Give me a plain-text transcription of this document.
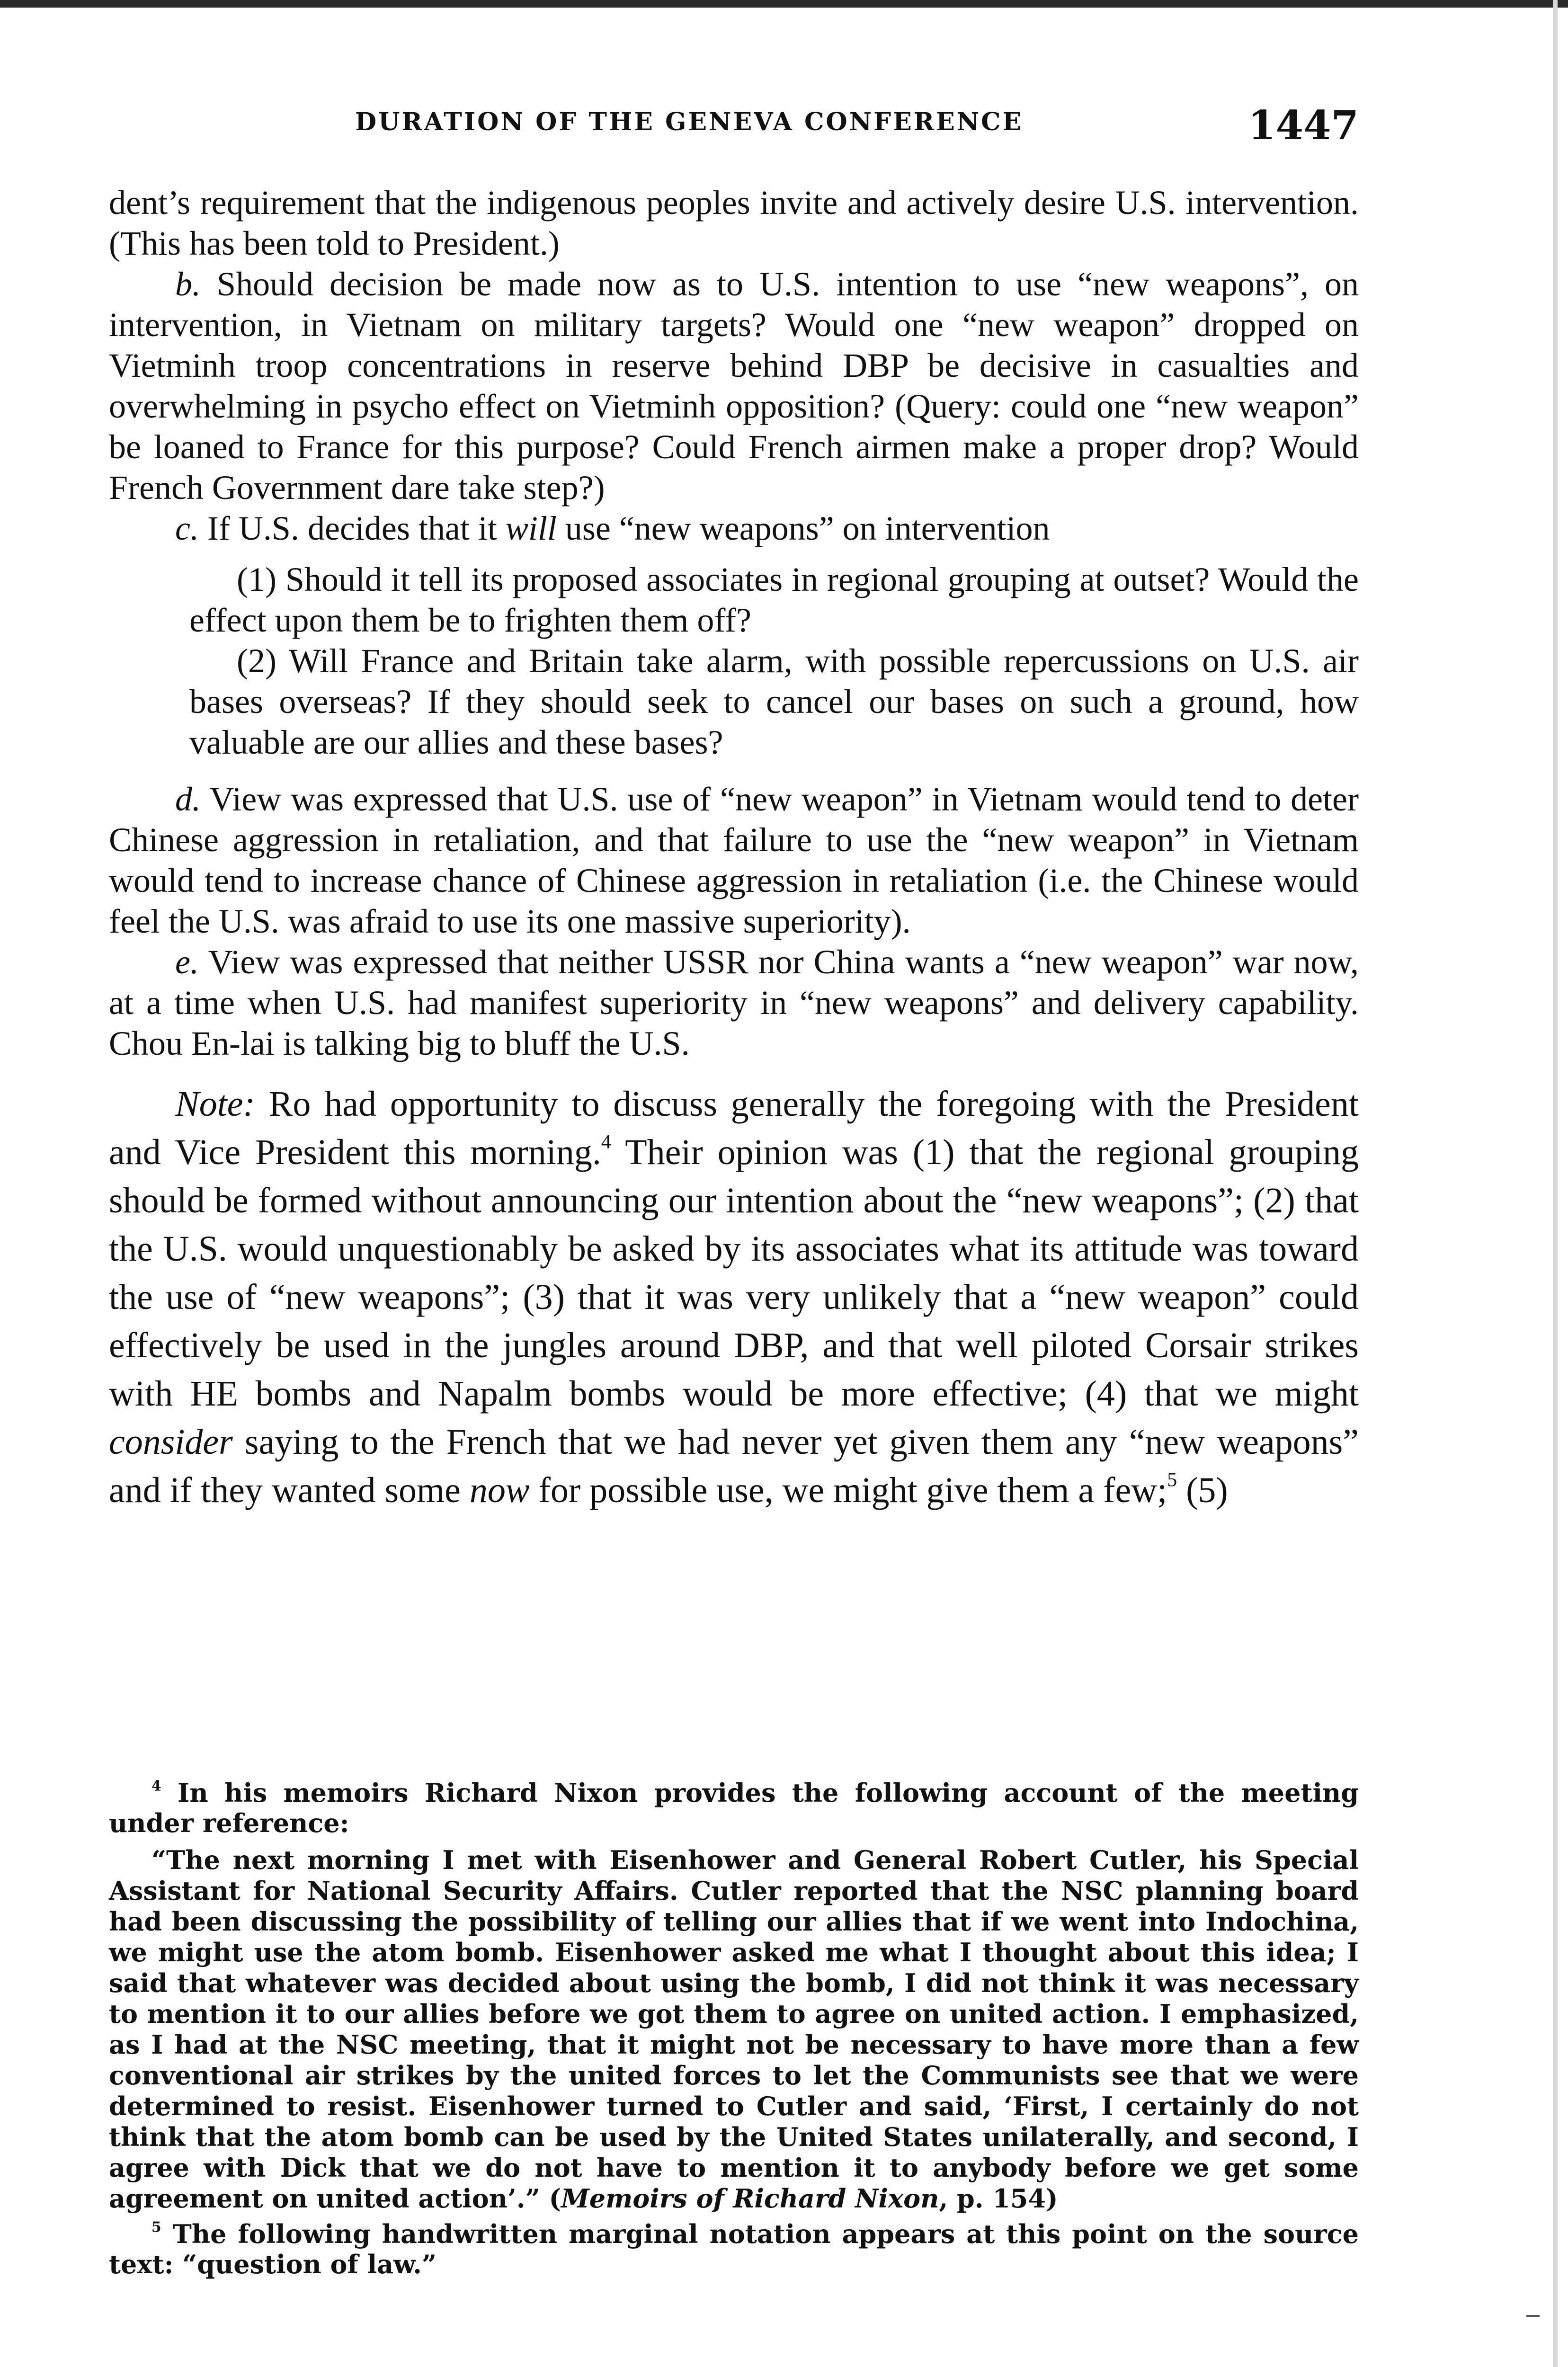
DURATION OF THE GENEVA CONFERENCE	1447

dent’s requirement that the indigenous peoples invite and actively desire U.S. intervention. (This has been told to President.)

b. Should decision be made now as to U.S. intention to use “new weapons”, on intervention, in Vietnam on military targets? Would one “new weapon” dropped on Vietminh troop concentrations in reserve behind DBP be decisive in casualties and overwhelming in psycho effect on Vietminh opposition? (Query: could one “new weapon” be loaned to France for this purpose? Could French airmen make a proper drop? Would French Government dare take step?)

c. If U.S. decides that it will use “new weapons” on intervention

(1) Should it tell its proposed associates in regional grouping at outset? Would the effect upon them be to frighten them off?

(2) Will France and Britain take alarm, with possible repercussions on U.S. air bases overseas? If they should seek to cancel our bases on such a ground, how valuable are our allies and these bases?

d. View was expressed that U.S. use of “new weapon” in Vietnam would tend to deter Chinese aggression in retaliation, and that failure to use the “new weapon” in Vietnam would tend to increase chance of Chinese aggression in retaliation (i.e. the Chinese would feel the U.S. was afraid to use its one massive superiority).

e. View was expressed that neither USSR nor China wants a “new weapon” war now, at a time when U.S. had manifest superiority in “new weapons” and delivery capability. Chou En-lai is talking big to bluff the U.S.

Note: Ro had opportunity to discuss generally the foregoing with the President and Vice President this morning.$^4$ Their opinion was (1) that the regional grouping should be formed without announcing our intention about the “new weapons”; (2) that the U.S. would unquestionably be asked by its associates what its attitude was toward the use of “new weapons”; (3) that it was very unlikely that a “new weapon” could effectively be used in the jungles around DBP, and that well piloted Corsair strikes with HE bombs and Napalm bombs would be more effective; (4) that we might consider saying to the French that we had never yet given them any “new weapons” and if they wanted some now for possible use, we might give them a few;$^5$ (5)

$^4$ In his memoirs Richard Nixon provides the following account of the meeting under reference:

“The next morning I met with Eisenhower and General Robert Cutler, his Special Assistant for National Security Affairs. Cutler reported that the NSC planning board had been discussing the possibility of telling our allies that if we went into Indochina, we might use the atom bomb. Eisenhower asked me what I thought about this idea; I said that whatever was decided about using the bomb, I did not think it was necessary to mention it to our allies before we got them to agree on united action. I emphasized, as I had at the NSC meeting, that it might not be necessary to have more than a few conventional air strikes by the united forces to let the Communists see that we were determined to resist. Eisenhower turned to Cutler and said, ‘First, I certainly do not think that the atom bomb can be used by the United States unilaterally, and second, I agree with Dick that we do not have to mention it to anybody before we get some agreement on united action’.” (Memoirs of Richard Nixon, p. 154)

$^5$ The following handwritten marginal notation appears at this point on the source text: “question of law.”
